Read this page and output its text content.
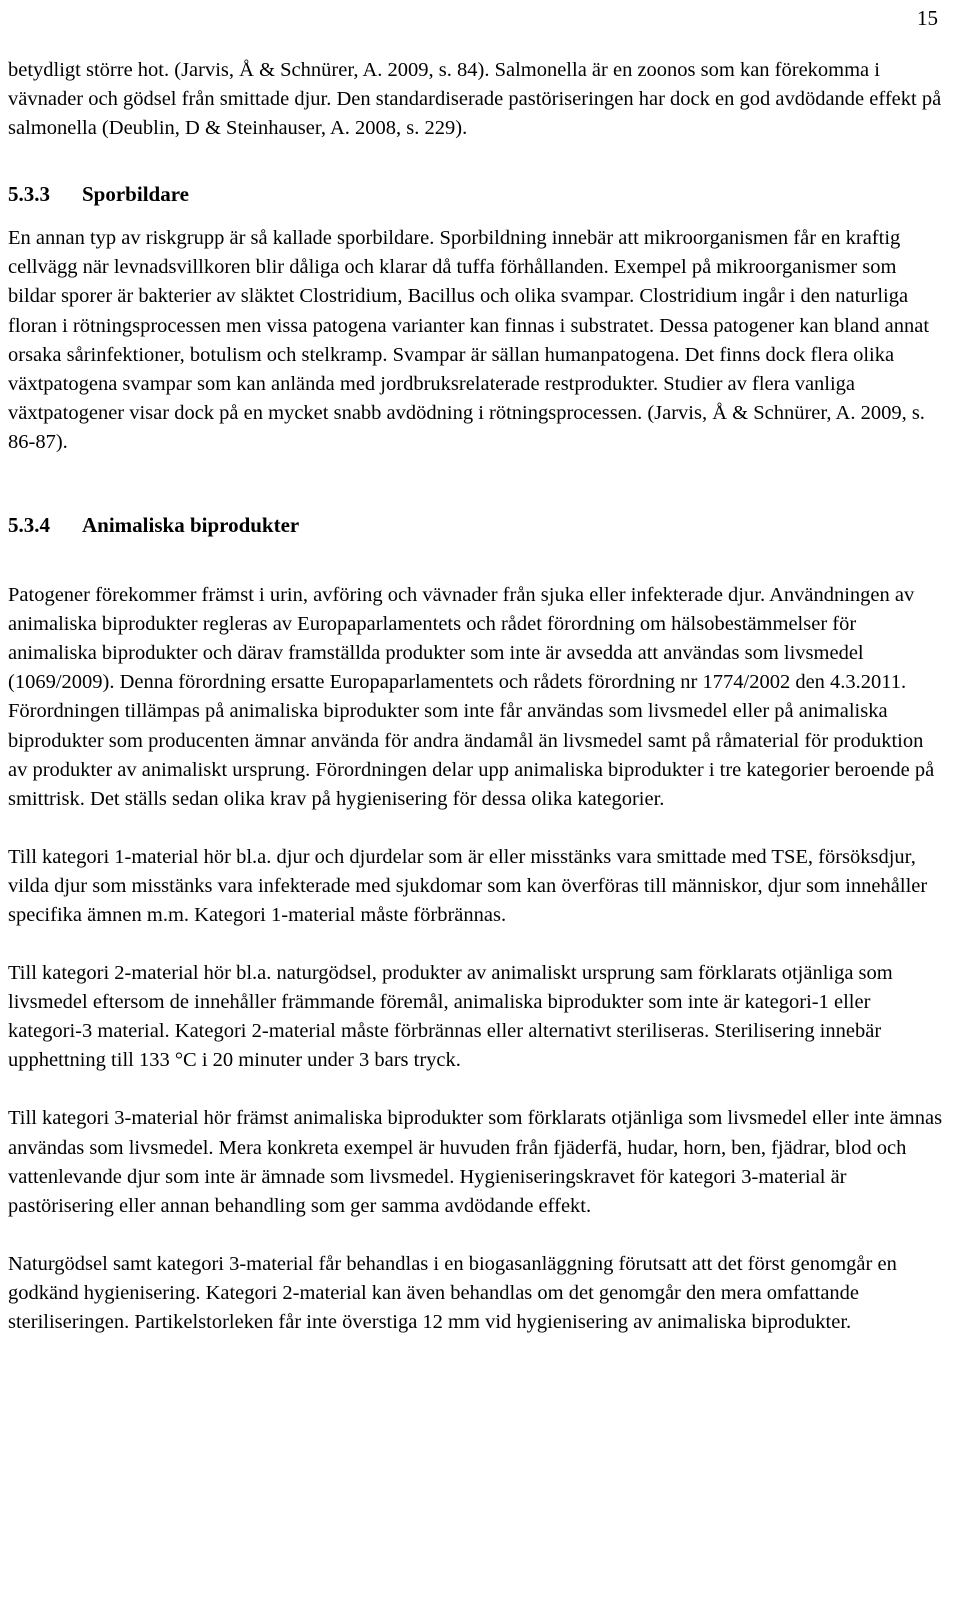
15

betydligt större hot. (Jarvis, Å & Schnürer, A. 2009, s. 84). Salmonella är en zoonos som kan förekomma i vävnader och gödsel från smittade djur. Den standardiserade pastöriseringen har dock en god avdödande effekt på salmonella (Deublin, D & Steinhauser, A. 2008, s. 229).

5.3.3 Sporbildare

En annan typ av riskgrupp är så kallade sporbildare. Sporbildning innebär att mikroorganismen får en kraftig cellvägg när levnadsvillkoren blir dåliga och klarar då tuffa förhållanden. Exempel på mikroorganismer som bildar sporer är bakterier av släktet Clostridium, Bacillus och olika svampar. Clostridium ingår i den naturliga floran i rötningsprocessen men vissa patogena varianter kan finnas i substratet. Dessa patogener kan bland annat orsaka sårinfektioner, botulism och stelkramp. Svampar är sällan humanpatogena. Det finns dock flera olika växtpatogena svampar som kan anlända med jordbruksrelaterade restprodukter. Studier av flera vanliga växtpatogener visar dock på en mycket snabb avdödning i rötningsprocessen. (Jarvis, Å & Schnürer, A. 2009, s. 86‐87).

5.3.4 Animaliska biprodukter

Patogener förekommer främst i urin, avföring och vävnader från sjuka eller infekterade djur. Användningen av animaliska biprodukter regleras av Europaparlamentets och rådet förordning om hälsobestämmelser för animaliska biprodukter och därav framställda produkter som inte är avsedda att användas som livsmedel (1069/2009). Denna förordning ersatte Europaparlamentets och rådets förordning nr 1774/2002 den 4.3.2011. Förordningen tillämpas på animaliska biprodukter som inte får användas som livsmedel eller på animaliska biprodukter som producenten ämnar använda för andra ändamål än livsmedel samt på råmaterial för produktion av produkter av animaliskt ursprung. Förordningen delar upp animaliska biprodukter i tre kategorier beroende på smittrisk. Det ställs sedan olika krav på hygienisering för dessa olika kategorier.

Till kategori 1-material hör bl.a. djur och djurdelar som är eller misstänks vara smittade med TSE, försöksdjur, vilda djur som misstänks vara infekterade med sjukdomar som kan överföras till människor, djur som innehåller specifika ämnen m.m. Kategori 1-material måste förbrännas.

Till kategori 2-material hör bl.a. naturgödsel, produkter av animaliskt ursprung sam förklarats otjänliga som livsmedel eftersom de innehåller främmande föremål, animaliska biprodukter som inte är kategori-1 eller kategori-3 material. Kategori 2-material måste förbrännas eller alternativt steriliseras. Sterilisering innebär upphettning till 133 °C i 20 minuter under 3 bars tryck.

Till kategori 3-material hör främst animaliska biprodukter som förklarats otjänliga som livsmedel eller inte ämnas användas som livsmedel. Mera konkreta exempel är huvuden från fjäderfä, hudar, horn, ben, fjädrar, blod och vattenlevande djur som inte är ämnade som livsmedel. Hygieniseringskravet för kategori 3-material är pastörisering eller annan behandling som ger samma avdödande effekt.

Naturgödsel samt kategori 3-material får behandlas i en biogasanläggning förutsatt att det först genomgår en godkänd hygienisering. Kategori 2-material kan även behandlas om det genomgår den mera omfattande steriliseringen. Partikelstorleken får inte överstiga 12 mm vid hygienisering av animaliska biprodukter.
